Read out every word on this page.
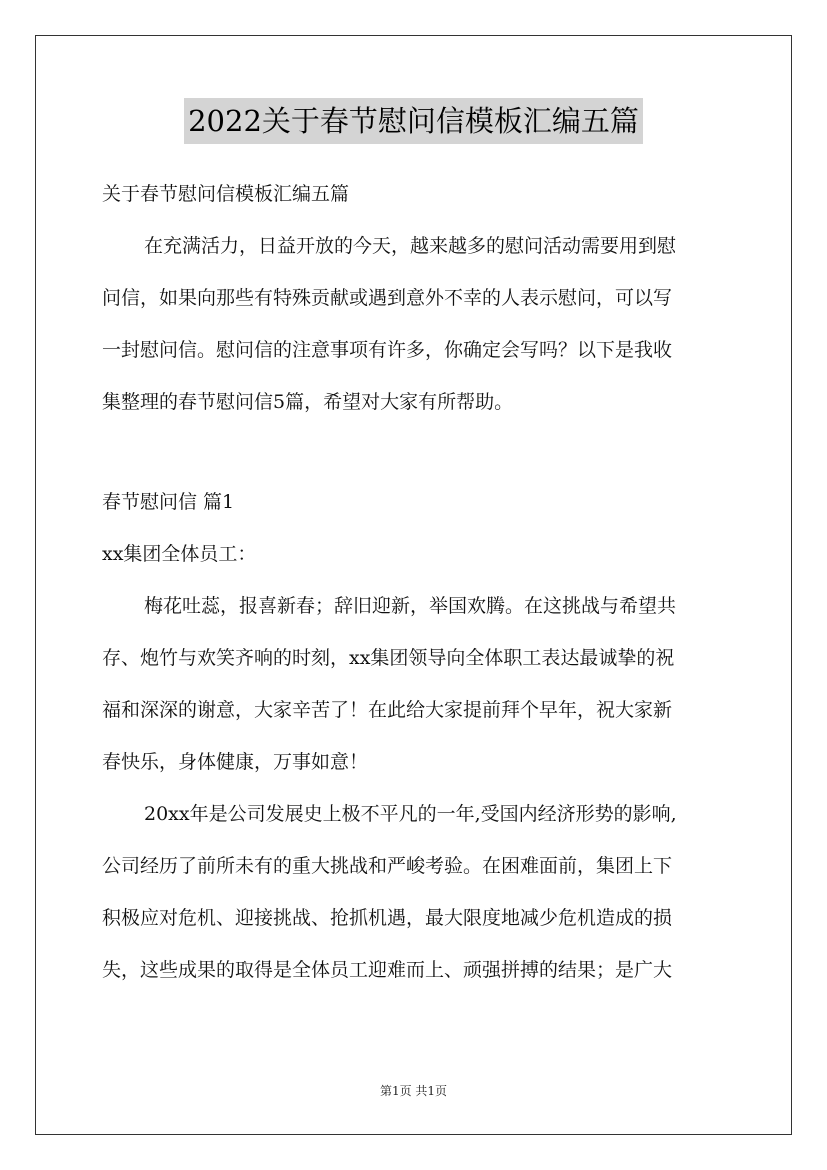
2022关于春节慰问信模板汇编五篇
关于春节慰问信模板汇编五篇
在充满活力，日益开放的今天，越来越多的慰问活动需要用到慰
问信，如果向那些有特殊贡献或遇到意外不幸的人表示慰问，可以写
一封慰问信。慰问信的注意事项有许多，你确定会写吗？以下是我收
集整理的春节慰问信5篇，希望对大家有所帮助。
春节慰问信 篇1
xx集团全体员工：
梅花吐蕊，报喜新春；辞旧迎新，举国欢腾。在这挑战与希望共
存、炮竹与欢笑齐响的时刻，xx集团领导向全体职工表达最诚挚的祝
福和深深的谢意，大家辛苦了！在此给大家提前拜个早年，祝大家新
春快乐，身体健康，万事如意！
20xx年是公司发展史上极不平凡的一年,受国内经济形势的影响,
公司经历了前所未有的重大挑战和严峻考验。在困难面前，集团上下
积极应对危机、迎接挑战、抢抓机遇，最大限度地减少危机造成的损
失，这些成果的取得是全体员工迎难而上、顽强拼搏的结果；是广大
第1页 共1页
